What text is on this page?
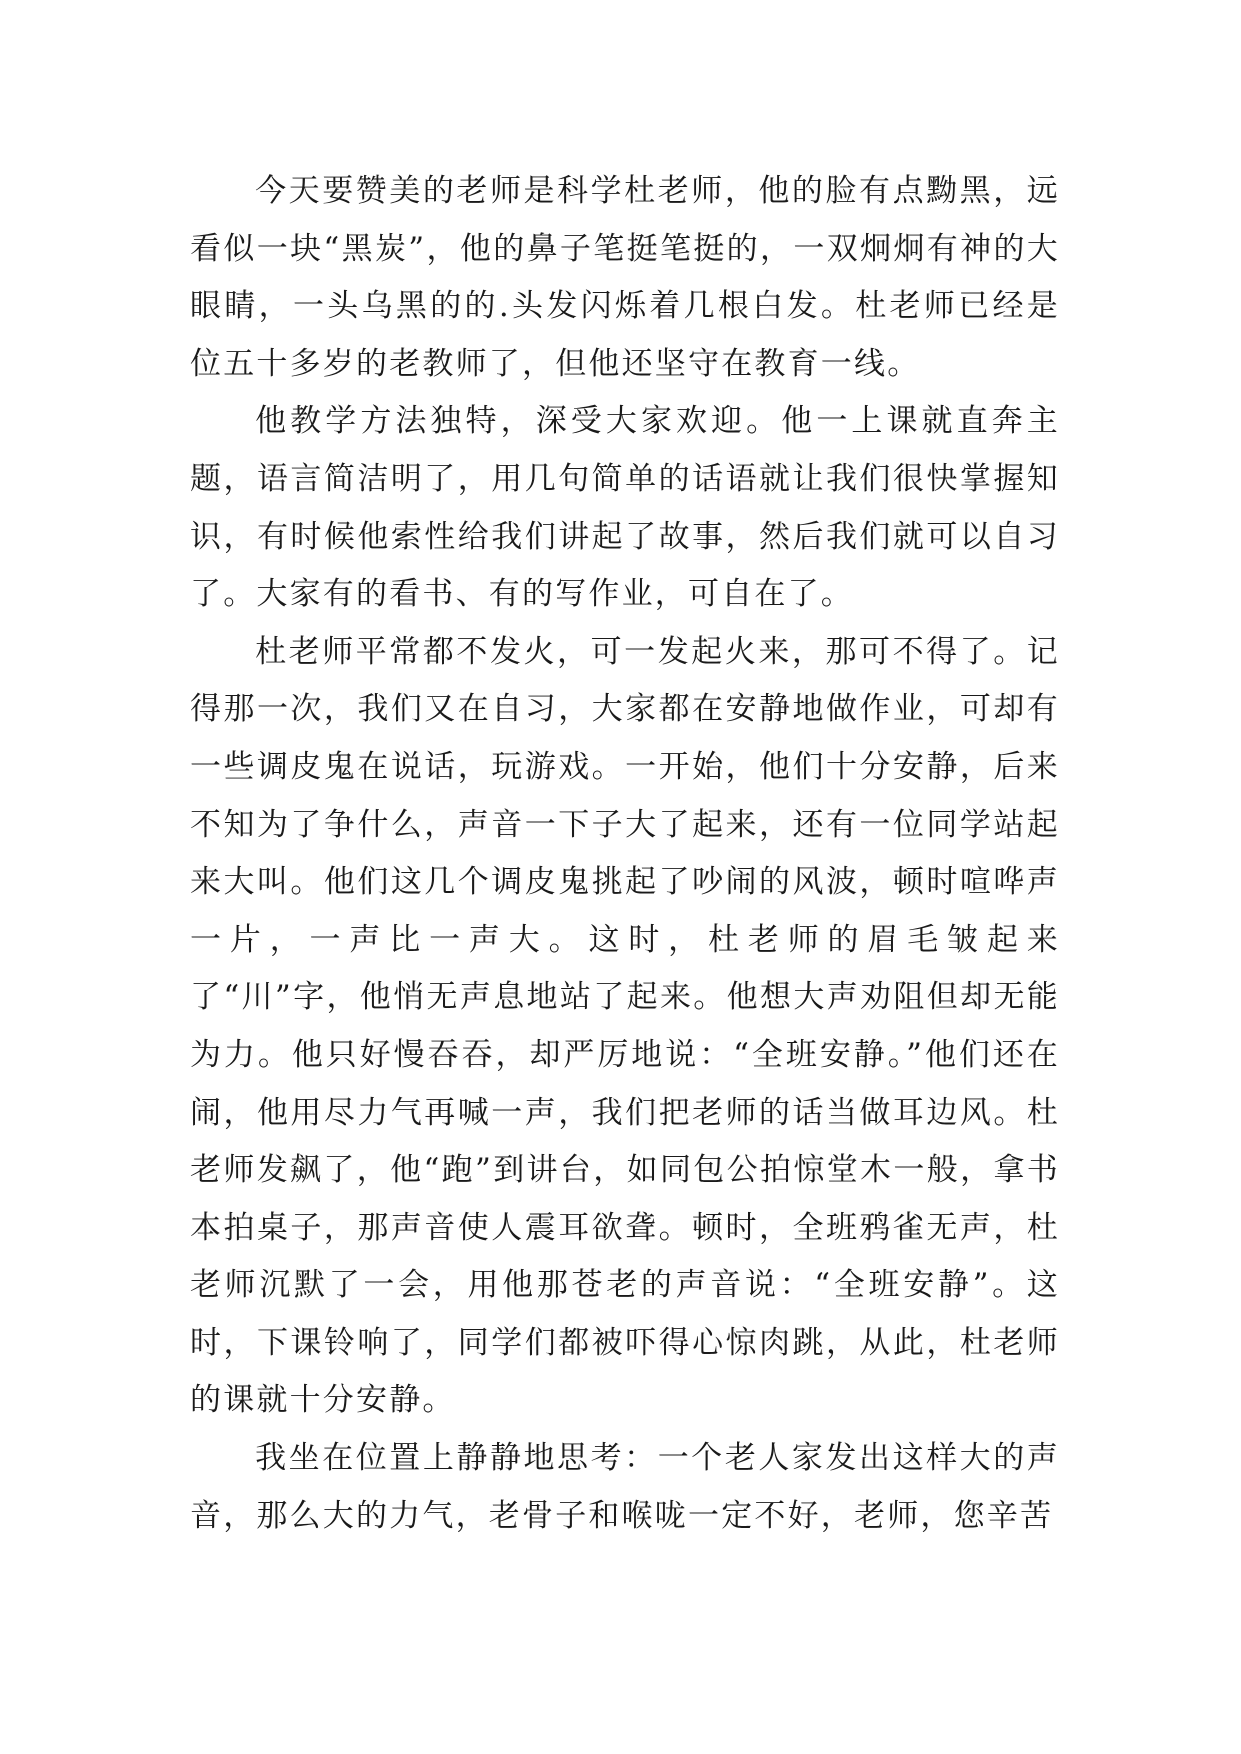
今天要赞美的老师是科学杜老师，他的脸有点黝黑，远看似一块“黑炭”，他的鼻子笔挺笔挺的，一双炯炯有神的大眼睛，一头乌黑的的.头发闪烁着几根白发。杜老师已经是位五十多岁的老教师了，但他还坚守在教育一线。

他教学方法独特，深受大家欢迎。他一上课就直奔主题，语言简洁明了，用几句简单的话语就让我们很快掌握知识，有时候他索性给我们讲起了故事，然后我们就可以自习了。大家有的看书、有的写作业，可自在了。

杜老师平常都不发火，可一发起火来，那可不得了。记得那一次，我们又在自习，大家都在安静地做作业，可却有一些调皮鬼在说话，玩游戏。一开始，他们十分安静，后来不知为了争什么，声音一下子大了起来，还有一位同学站起来大叫。他们这几个调皮鬼挑起了吵闹的风波，顿时喧哗声一片，一声比一声大。这时，杜老师的眉毛皱起来了“川”字，他悄无声息地站了起来。他想大声劝阻但却无能为力。他只好慢吞吞，却严厉地说：“全班安静。”他们还在闹，他用尽力气再喊一声，我们把老师的话当做耳边风。杜老师发飙了，他“跑”到讲台，如同包公拍惊堂木一般，拿书本拍桌子，那声音使人震耳欲聋。顿时，全班鸦雀无声，杜老师沉默了一会，用他那苍老的声音说：“全班安静”。这时，下课铃响了，同学们都被吓得心惊肉跳，从此，杜老师的课就十分安静。

我坐在位置上静静地思考：一个老人家发出这样大的声音，那么大的力气，老骨子和喉咙一定不好，老师，您辛苦
